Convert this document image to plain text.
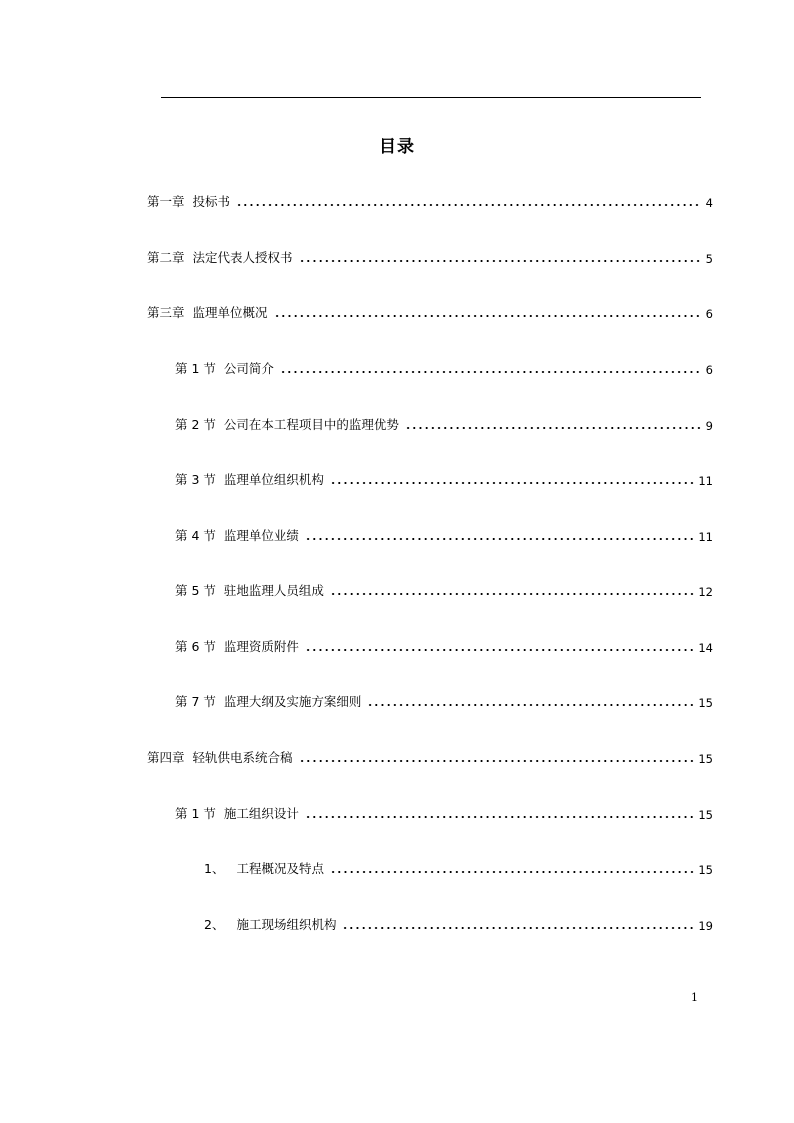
目录
第一章 投标书	4
第二章 法定代表人授权书	5
第三章 监理单位概况	6
第 1 节 公司简介	6
第 2 节 公司在本工程项目中的监理优势	9
第 3 节 监理单位组织机构	11
第 4 节 监理单位业绩	11
第 5 节 驻地监理人员组成	12
第 6 节 监理资质附件	14
第 7 节 监理大纲及实施方案细则	15
第四章 轻轨供电系统合稿	15
第 1 节 施工组织设计	15
1、 工程概况及特点	15
2、 施工现场组织机构	19
1
